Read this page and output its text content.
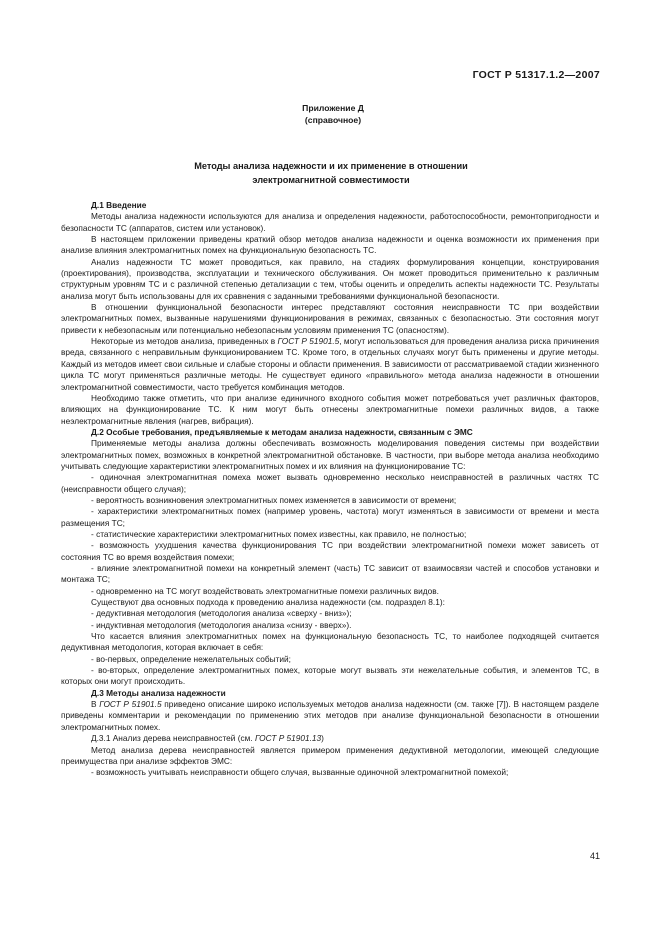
ГОСТ Р 51317.1.2—2007
Приложение Д
(справочное)
Методы анализа надежности и их применение в отношении
электромагнитной совместимости
Д.1 Введение

Методы анализа надежности используются для анализа и определения надежности, работоспособности, ремонтопригодности и безопасности ТС (аппаратов, систем или установок).

В настоящем приложении приведены краткий обзор методов анализа надежности и оценка возможности их применения при анализе влияния электромагнитных помех на функциональную безопасность ТС.

Анализ надежности ТС может проводиться, как правило, на стадиях формулирования концепции, конструирования (проектирования), производства, эксплуатации и технического обслуживания. Он может проводиться применительно к различным структурным уровням ТС и с различной степенью детализации с тем, чтобы оценить и определить аспекты надежности ТС. Результаты анализа могут быть использованы для их сравнения с заданными требованиями функциональной безопасности.

В отношении функциональной безопасности интерес представляют состояния неисправности ТС при воздействии электромагнитных помех, вызванные нарушениями функционирования в режимах, связанных с безопасностью. Эти состояния могут привести к небезопасным или потенциально небезопасным условиям применения ТС (опасностям).

Некоторые из методов анализа, приведенных в ГОСТ Р 51901.5, могут использоваться для проведения анализа риска причинения вреда, связанного с неправильным функционированием ТС. Кроме того, в отдельных случаях могут быть применены и другие методы. Каждый из методов имеет свои сильные и слабые стороны и области применения. В зависимости от рассматриваемой стадии жизненного цикла ТС могут применяться различные методы. Не существует единого «правильного» метода анализа надежности в отношении электромагнитной совместимости, часто требуется комбинация методов.

Необходимо также отметить, что при анализе единичного входного события может потребоваться учет различных факторов, влияющих на функционирование ТС. К ним могут быть отнесены электромагнитные помехи различных видов, а также неэлектромагнитные явления (нагрев, вибрация).

Д.2 Особые требования, предъявляемые к методам анализа надежности, связанным с ЭМС

Применяемые методы анализа должны обеспечивать возможность моделирования поведения системы при воздействии электромагнитных помех, возможных в конкретной электромагнитной обстановке. В частности, при выборе метода анализа необходимо учитывать следующие характеристики электромагнитных помех и их влияния на функционирование ТС:

- одиночная электромагнитная помеха может вызвать одновременно несколько неисправностей в различных частях ТС (неисправности общего случая);

- вероятность возникновения электромагнитных помех изменяется в зависимости от времени;

- характеристики электромагнитных помех (например уровень, частота) могут изменяться в зависимости от времени и места размещения ТС;

- статистические характеристики электромагнитных помех известны, как правило, не полностью;

- возможность ухудшения качества функционирования ТС при воздействии электромагнитной помехи может зависеть от состояния ТС во время воздействия помехи;

- влияние электромагнитной помехи на конкретный элемент (часть) ТС зависит от взаимосвязи частей и способов установки и монтажа ТС;

- одновременно на ТС могут воздействовать электромагнитные помехи различных видов.

Существуют два основных подхода к проведению анализа надежности (см. подраздел 8.1):

- дедуктивная методология (методология анализа «сверху - вниз»);

- индуктивная методология (методология анализа «снизу - вверх»).

Что касается влияния электромагнитных помех на функциональную безопасность ТС, то наиболее подходящей считается дедуктивная методология, которая включает в себя:

- во-первых, определение нежелательных событий;

- во-вторых, определение электромагнитных помех, которые могут вызвать эти нежелательные события, и элементов ТС, в которых они могут происходить.

Д.3 Методы анализа надежности

В ГОСТ Р 51901.5 приведено описание широко используемых методов анализа надежности (см. также [7]). В настоящем разделе приведены комментарии и рекомендации по применению этих методов при анализе функциональной безопасности в отношении электромагнитных помех.

Д.3.1 Анализ дерева неисправностей (см. ГОСТ Р 51901.13)

Метод анализа дерева неисправностей является примером применения дедуктивной методологии, имеющей следующие преимущества при анализе эффектов ЭМС:

- возможность учитывать неисправности общего случая, вызванные одиночной электромагнитной помехой;

41
